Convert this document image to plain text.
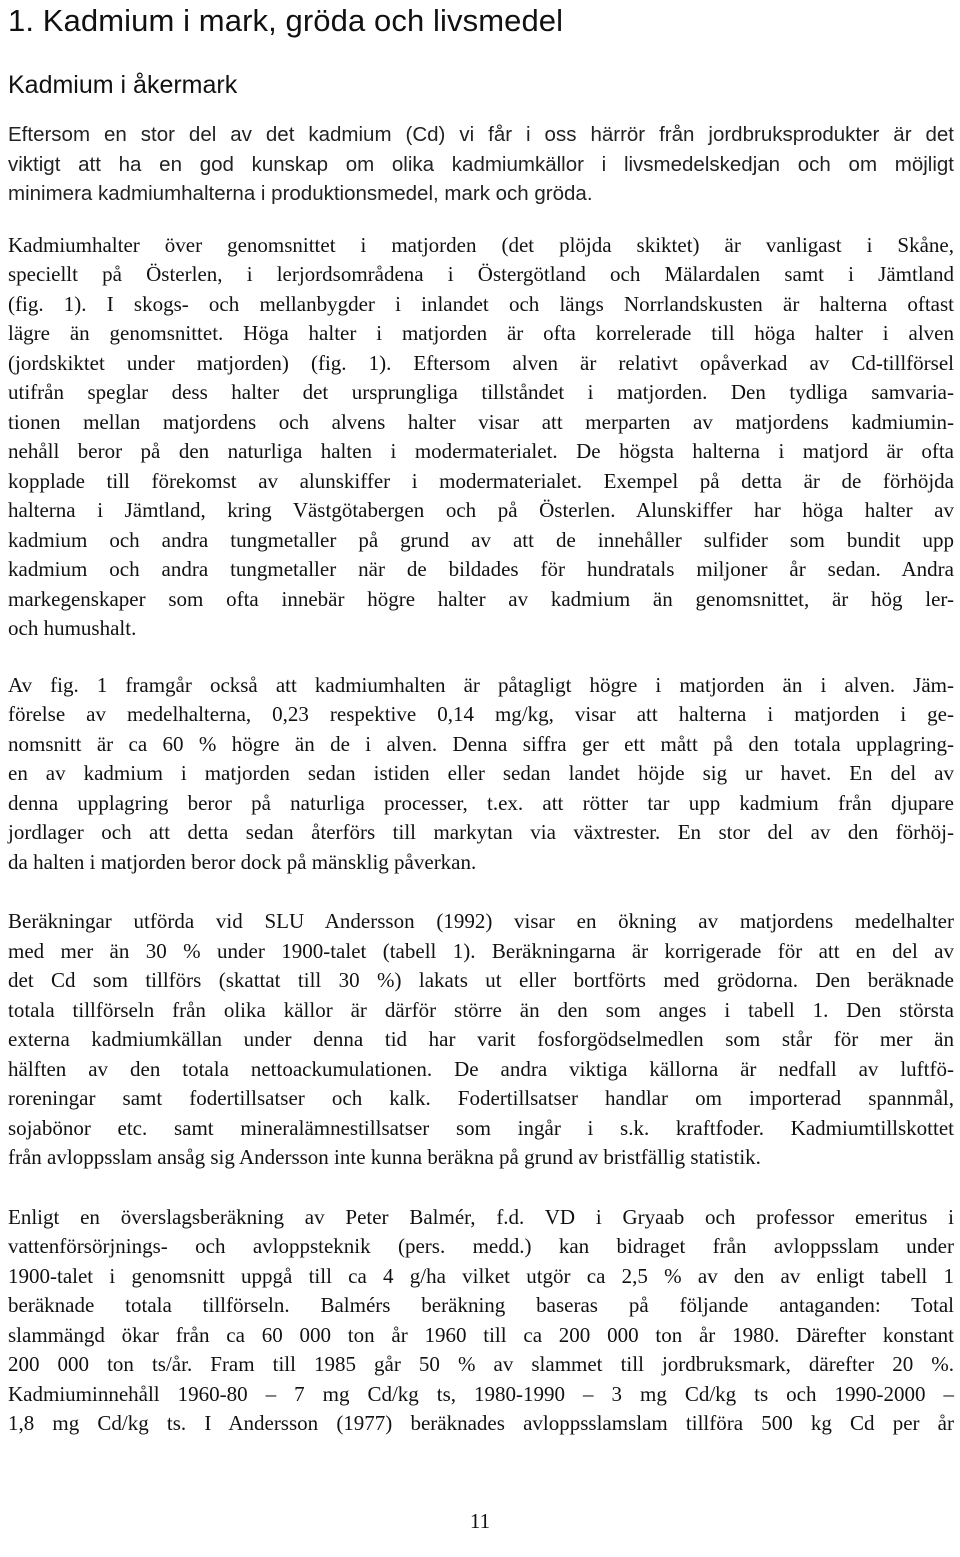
1. Kadmium i mark, gröda och livsmedel
Kadmium i åkermark

Eftersom en stor del av det kadmium (Cd) vi får i oss härrör från jordbruksprodukter är det
viktigt att ha en god kunskap om olika kadmiumkällor i livsmedelskedjan och om möjligt
minimera kadmiumhalterna i produktionsmedel, mark och gröda.

Kadmiumhalter över genomsnittet i matjorden (det plöjda skiktet) är vanligast i Skåne,
speciellt på Österlen, i lerjordsområdena i Östergötland och Mälardalen samt i Jämtland
(fig. 1). I skogs- och mellanbygder i inlandet och längs Norrlandskusten är halterna oftast
lägre än genomsnittet. Höga halter i matjorden är ofta korrelerade till höga halter i alven
(jordskiktet under matjorden) (fig. 1). Eftersom alven är relativt opåverkad av Cd-tillförsel
utifrån speglar dess halter det ursprungliga tillståndet i matjorden. Den tydliga samvaria-
tionen mellan matjordens och alvens halter visar att merparten av matjordens kadmiumin-
nehåll beror på den naturliga halten i modermaterialet. De högsta halterna i matjord är ofta
kopplade till förekomst av alunskiffer i modermaterialet. Exempel på detta är de förhöjda
halterna i Jämtland, kring Västgötabergen och på Österlen. Alunskiffer har höga halter av
kadmium och andra tungmetaller på grund av att de innehåller sulfider som bundit upp
kadmium och andra tungmetaller när de bildades för hundratals miljoner år sedan. Andra
markegenskaper som ofta innebär högre halter av kadmium än genomsnittet, är hög ler-
och humushalt.

Av fig. 1 framgår också att kadmiumhalten är påtagligt högre i matjorden än i alven. Jäm-
förelse av medelhalterna, 0,23 respektive 0,14 mg/kg, visar att halterna i matjorden i ge-
nomsnitt är ca 60 % högre än de i alven. Denna siffra ger ett mått på den totala upplagring-
en av kadmium i matjorden sedan istiden eller sedan landet höjde sig ur havet. En del av
denna upplagring beror på naturliga processer, t.ex. att rötter tar upp kadmium från djupare
jordlager och att detta sedan återförs till markytan via växtrester. En stor del av den förhöj-
da halten i matjorden beror dock på mänsklig påverkan.

Beräkningar utförda vid SLU Andersson (1992) visar en ökning av matjordens medelhalter
med mer än 30 % under 1900-talet (tabell 1). Beräkningarna är korrigerade för att en del av
det Cd som tillförs (skattat till 30 %) lakats ut eller bortförts med grödorna. Den beräknade
totala tillförseln från olika källor är därför större än den som anges i tabell 1. Den största
externa kadmiumkällan under denna tid har varit fosforgödselmedlen som står för mer än
hälften av den totala nettoackumulationen. De andra viktiga källorna är nedfall av luftfö-
roreningar samt fodertillsatser och kalk. Fodertillsatser handlar om importerad spannmål,
sojabönor etc. samt mineralämnestillsatser som ingår i s.k. kraftfoder. Kadmiumtillskottet
från avloppsslam ansåg sig Andersson inte kunna beräkna på grund av bristfällig statistik.

Enligt en överslagsberäkning av Peter Balmér, f.d. VD i Gryaab och professor emeritus i
vattenförsörjnings- och avloppsteknik (pers. medd.) kan bidraget från avloppsslam under
1900-talet i genomsnitt uppgå till ca 4 g/ha vilket utgör ca 2,5 % av den av enligt tabell 1
beräknade totala tillförseln. Balmérs beräkning baseras på följande antaganden: Total
slammängd ökar från ca 60 000 ton år 1960 till ca 200 000 ton år 1980. Därefter konstant
200 000 ton ts/år. Fram till 1985 går 50 % av slammet till jordbruksmark, därefter 20 %.
Kadmiuminnehåll 1960-80 – 7 mg Cd/kg ts, 1980-1990 – 3 mg Cd/kg ts och 1990-2000 –
1,8 mg Cd/kg ts. I Andersson (1977) beräknades avloppsslamslam tillföra 500 kg Cd per år

11
